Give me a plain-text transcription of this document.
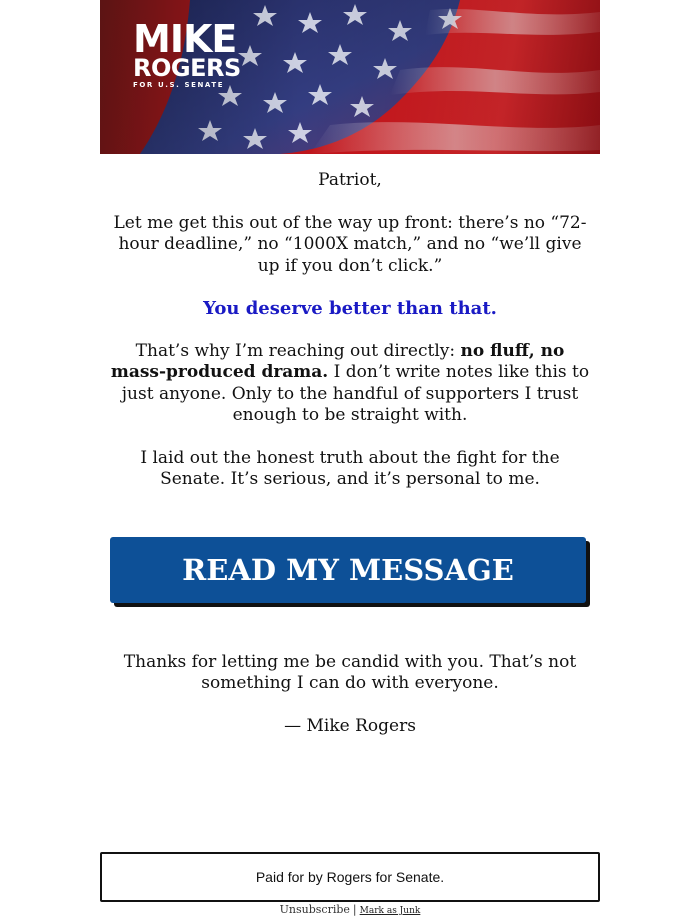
MIKE
ROGERS
FOR U.S. SENATE

Patriot,

Let me get this out of the way up front: there’s no “72-hour deadline,” no “1000X match,” and no “we’ll give up if you don’t click.”

You deserve better than that.

That’s why I’m reaching out directly: no fluff, no mass-produced drama. I don’t write notes like this to just anyone. Only to the handful of supporters I trust enough to be straight with.

I laid out the honest truth about the fight for the Senate. It’s serious, and it’s personal to me.

READ MY MESSAGE

Thanks for letting me be candid with you. That’s not something I can do with everyone.

— Mike Rogers

Paid for by Rogers for Senate.
Unsubscribe | Mark as Junk
